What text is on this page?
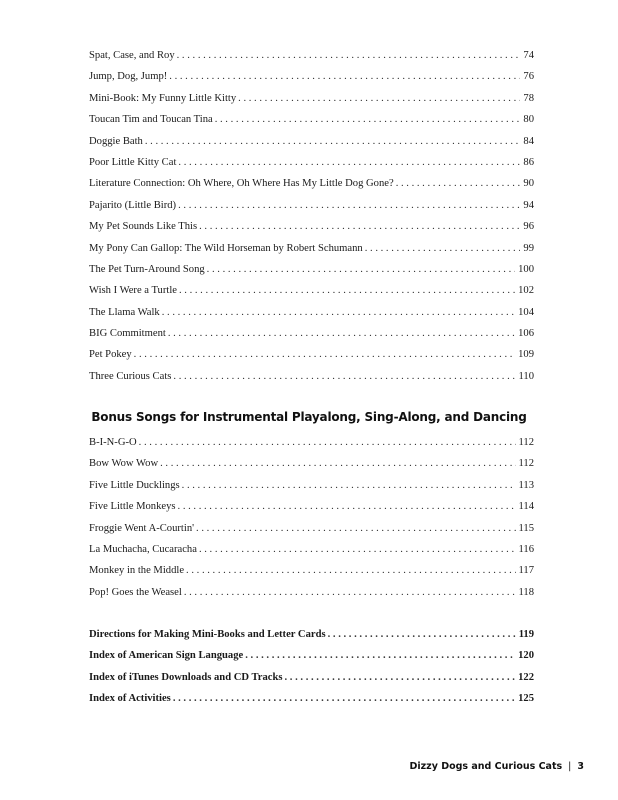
Spat, Case, and Roy . . .	74
Jump, Dog, Jump! . . .	76
Mini-Book: My Funny Little Kitty . . .	78
Toucan Tim and Toucan Tina . . .	80
Doggie Bath . . .	84
Poor Little Kitty Cat . . .	86
Literature Connection: Oh Where, Oh Where Has My Little Dog Gone? . . .	90
Pajarito (Little Bird) . . .	94
My Pet Sounds Like This . . .	96
My Pony Can Gallop: The Wild Horseman by Robert Schumann . . .	99
The Pet Turn-Around Song . . .	100
Wish I Were a Turtle . . .	102
The Llama Walk . . .	104
BIG Commitment . . .	106
Pet Pokey . . .	109
Three Curious Cats . . .	110
Bonus Songs for Instrumental Playalong, Sing-Along, and Dancing
B-I-N-G-O . . .	112
Bow Wow Wow . . .	112
Five Little Ducklings . . .	113
Five Little Monkeys . . .	114
Froggie Went A-Courtin' . . .	115
La Muchacha, Cucaracha . . .	116
Monkey in the Middle . . .	117
Pop! Goes the Weasel . . .	118
Directions for Making Mini-Books and Letter Cards . . .	119
Index of American Sign Language . . .	120
Index of iTunes Downloads and CD Tracks . . .	122
Index of Activities . . .	125
Dizzy Dogs and Curious Cats | 3
